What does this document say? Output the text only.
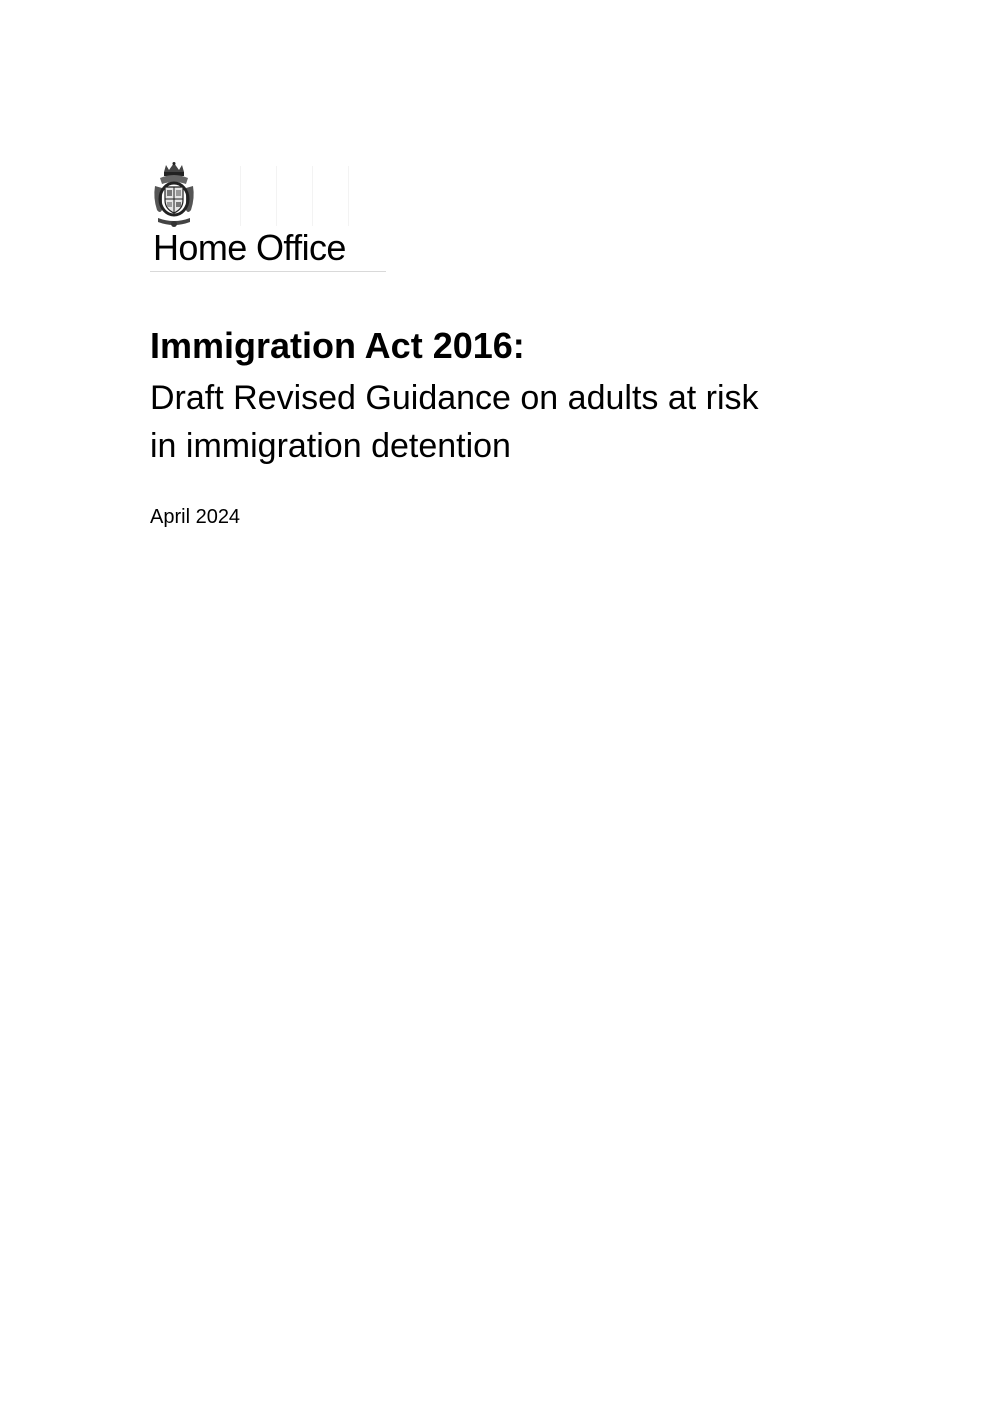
Home Office
Immigration Act 2016:
Draft Revised Guidance on adults at risk
in immigration detention
April 2024
